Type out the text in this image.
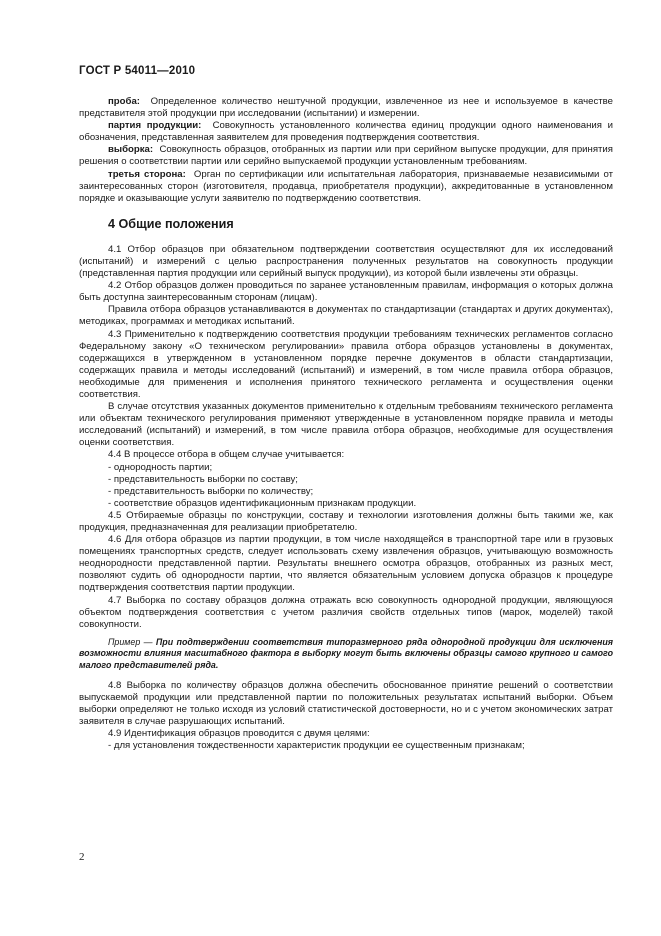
ГОСТ Р 54011—2010

проба: Определенное количество нештучной продукции, извлеченное из нее и используемое в качестве представителя этой продукции при исследовании (испытании) и измерении.

партия продукции: Совокупность установленного количества единиц продукции одного наименования и обозначения, представленная заявителем для проведения подтверждения соответствия.

выборка: Совокупность образцов, отобранных из партии или при серийном выпуске продукции, для принятия решения о соответствии партии или серийно выпускаемой продукции установленным требованиям.

третья сторона: Орган по сертификации или испытательная лаборатория, признаваемые независимыми от заинтересованных сторон (изготовителя, продавца, приобретателя продукции), аккредитованные в установленном порядке и оказывающие услуги заявителю по подтверждению соответствия.

4 Общие положения

4.1 Отбор образцов при обязательном подтверждении соответствия осуществляют для их исследований (испытаний) и измерений с целью распространения полученных результатов на совокупность продукции (представленная партия продукции или серийный выпуск продукции), из которой были извлечены эти образцы.

4.2 Отбор образцов должен проводиться по заранее установленным правилам, информация о которых должна быть доступна заинтересованным сторонам (лицам).

Правила отбора образцов устанавливаются в документах по стандартизации (стандартах и других документах), методиках, программах и методиках испытаний.

4.3 Применительно к подтверждению соответствия продукции требованиям технических регламентов согласно Федеральному закону «О техническом регулировании» правила отбора образцов установлены в документах, содержащихся в утвержденном в установленном порядке перечне документов в области стандартизации, содержащих правила и методы исследований (испытаний) и измерений, в том числе правила отбора образцов, необходимые для применения и исполнения принятого технического регламента и осуществления оценки соответствия.

В случае отсутствия указанных документов применительно к отдельным требованиям технического регламента или объектам технического регулирования применяют утвержденные в установленном порядке правила и методы исследований (испытаний) и измерений, в том числе правила отбора образцов, необходимые для осуществления оценки соответствия.

4.4 В процессе отбора в общем случае учитывается:

- однородность партии;

- представительность выборки по составу;

- представительность выборки по количеству;

- соответствие образцов идентификационным признакам продукции.

4.5 Отбираемые образцы по конструкции, составу и технологии изготовления должны быть такими же, как продукция, предназначенная для реализации приобретателю.

4.6 Для отбора образцов из партии продукции, в том числе находящейся в транспортной таре или в грузовых помещениях транспортных средств, следует использовать схему извлечения образцов, учитывающую возможность неоднородности представленной партии. Результаты внешнего осмотра образцов, отобранных из разных мест, позволяют судить об однородности партии, что является обязательным условием допуска образцов к процедуре подтверждения соответствия партии продукции.

4.7 Выборка по составу образцов должна отражать всю совокупность однородной продукции, являющуюся объектом подтверждения соответствия с учетом различия свойств отдельных типов (марок, моделей) такой совокупности.

Пример — При подтверждении соответствия типоразмерного ряда однородной продукции для исключения возможности влияния масштабного фактора в выборку могут быть включены образцы самого крупного и самого малого представителей ряда.

4.8 Выборка по количеству образцов должна обеспечить обоснованное принятие решений о соответствии выпускаемой продукции или представленной партии по положительных результатах испытаний выборки. Объем выборки определяют не только исходя из условий статистической достоверности, но и с учетом экономических затрат заявителя в случае разрушающих испытаний.

4.9 Идентификация образцов проводится с двумя целями:

- для установления тождественности характеристик продукции ее существенным признакам;

2
